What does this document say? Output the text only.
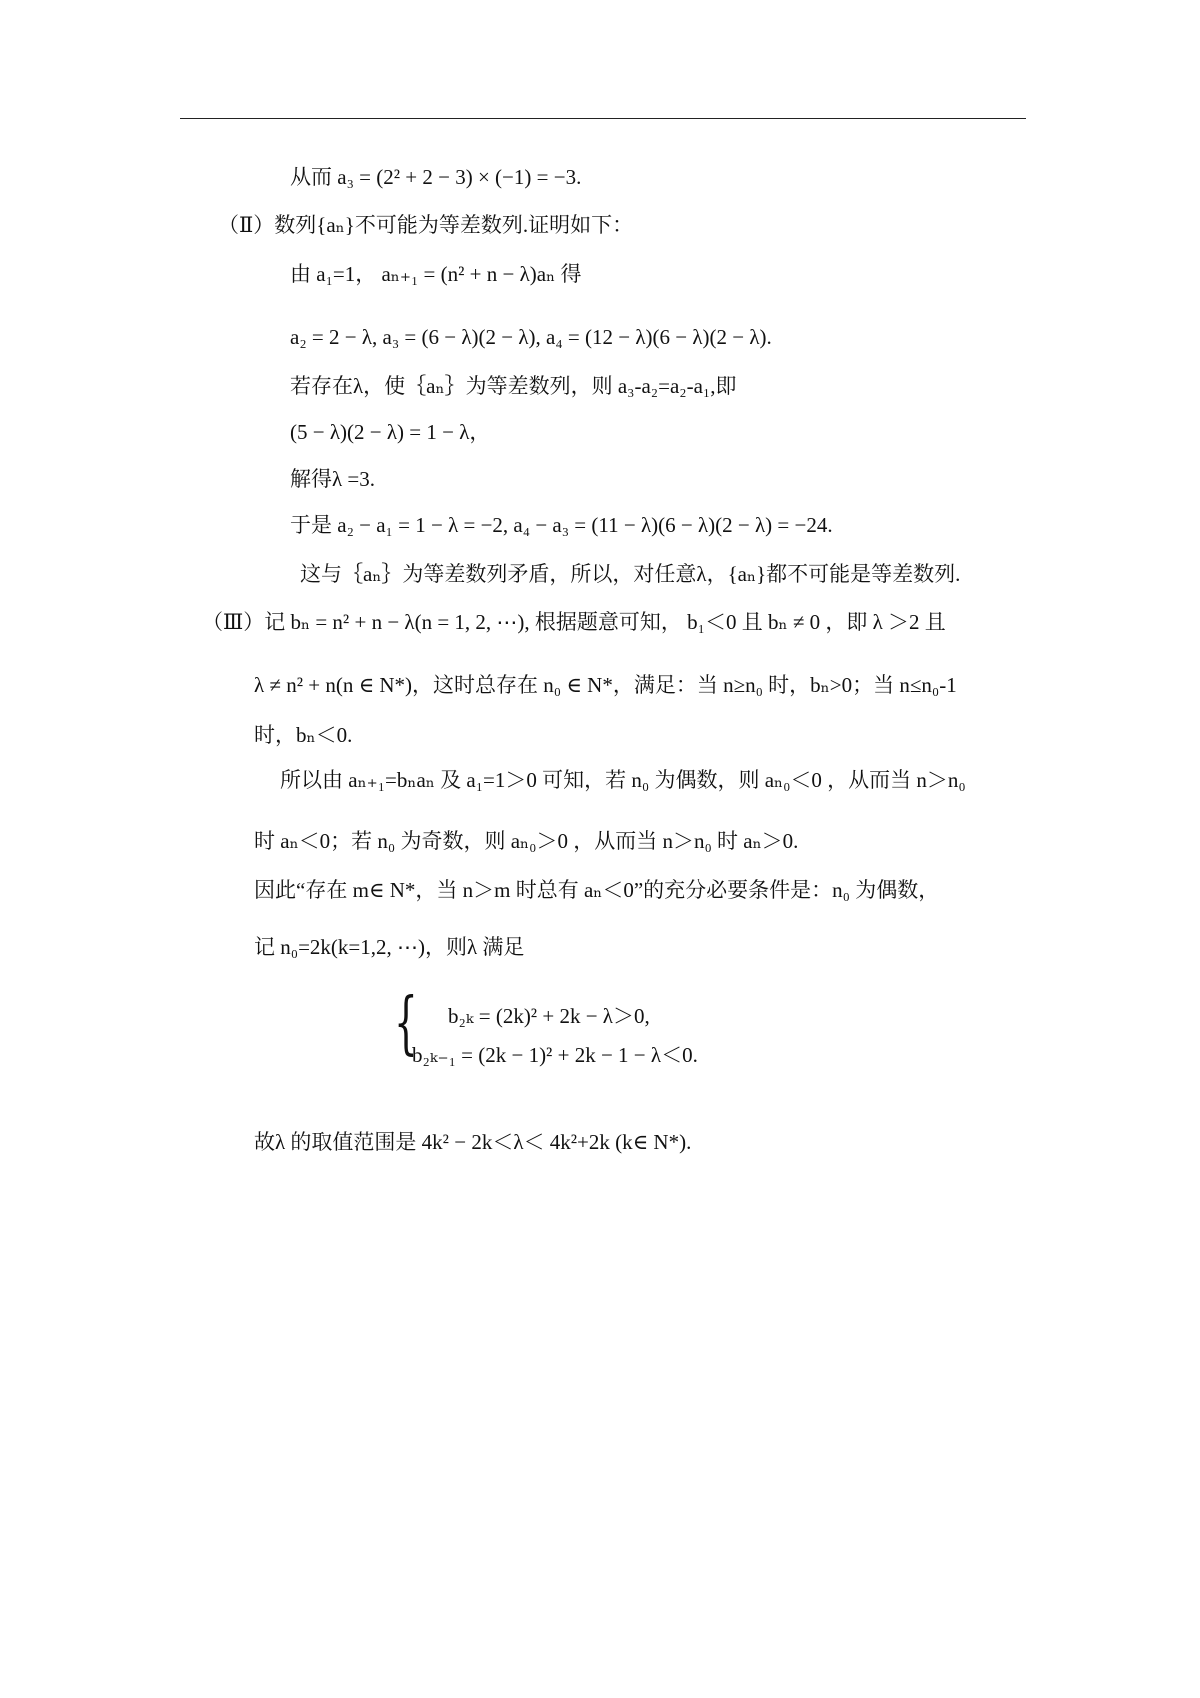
从而 a₃ = (2² + 2 − 3) × (−1) = −3.
（Ⅱ）数列{aₙ}不可能为等差数列.证明如下：
由 a₁=1， aₙ₊₁ = (n² + n − λ)aₙ 得
a₂ = 2 − λ, a₃ = (6 − λ)(2 − λ), a₄ = (12 − λ)(6 − λ)(2 − λ).
若存在λ，使｛aₙ｝为等差数列，则 a₃-a₂=a₂-a₁,即
(5 − λ)(2 − λ) = 1 − λ，
解得λ =3.
于是 a₂ − a₁ = 1 − λ = −2, a₄ − a₃ = (11 − λ)(6 − λ)(2 − λ) = −24.
这与｛aₙ｝为等差数列矛盾，所以，对任意λ，{aₙ}都不可能是等差数列.
（Ⅲ）记 bₙ = n² + n − λ(n = 1, 2, ⋯), 根据题意可知， b₁＜0 且 bₙ ≠ 0 ，即 λ ＞2 且
λ ≠ n² + n(n ∈ N*)，这时总存在 n₀ ∈ N*，满足：当 n≥n₀ 时，bₙ>0；当 n≤n₀-1
时，bₙ＜0.
所以由 aₙ₊₁=bₙaₙ 及 a₁=1＞0 可知，若 n₀ 为偶数，则 aₙ₀＜0 ，从而当 n＞n₀
时 aₙ＜0；若 n₀ 为奇数，则 aₙ₀＞0 ，从而当 n＞n₀ 时 aₙ＞0.
因此“存在 m∈ N*，当 n＞m 时总有 aₙ＜0”的充分必要条件是：n₀ 为偶数，
记 n₀=2k(k=1,2, ⋯)，则λ 满足
{ b₂ₖ = (2k)² + 2k − λ＞0,
b₂ₖ₋₁ = (2k − 1)² + 2k − 1 − λ＜0.
故λ 的取值范围是 4k² − 2k＜λ＜ 4k²+2k (k∈ N*).
